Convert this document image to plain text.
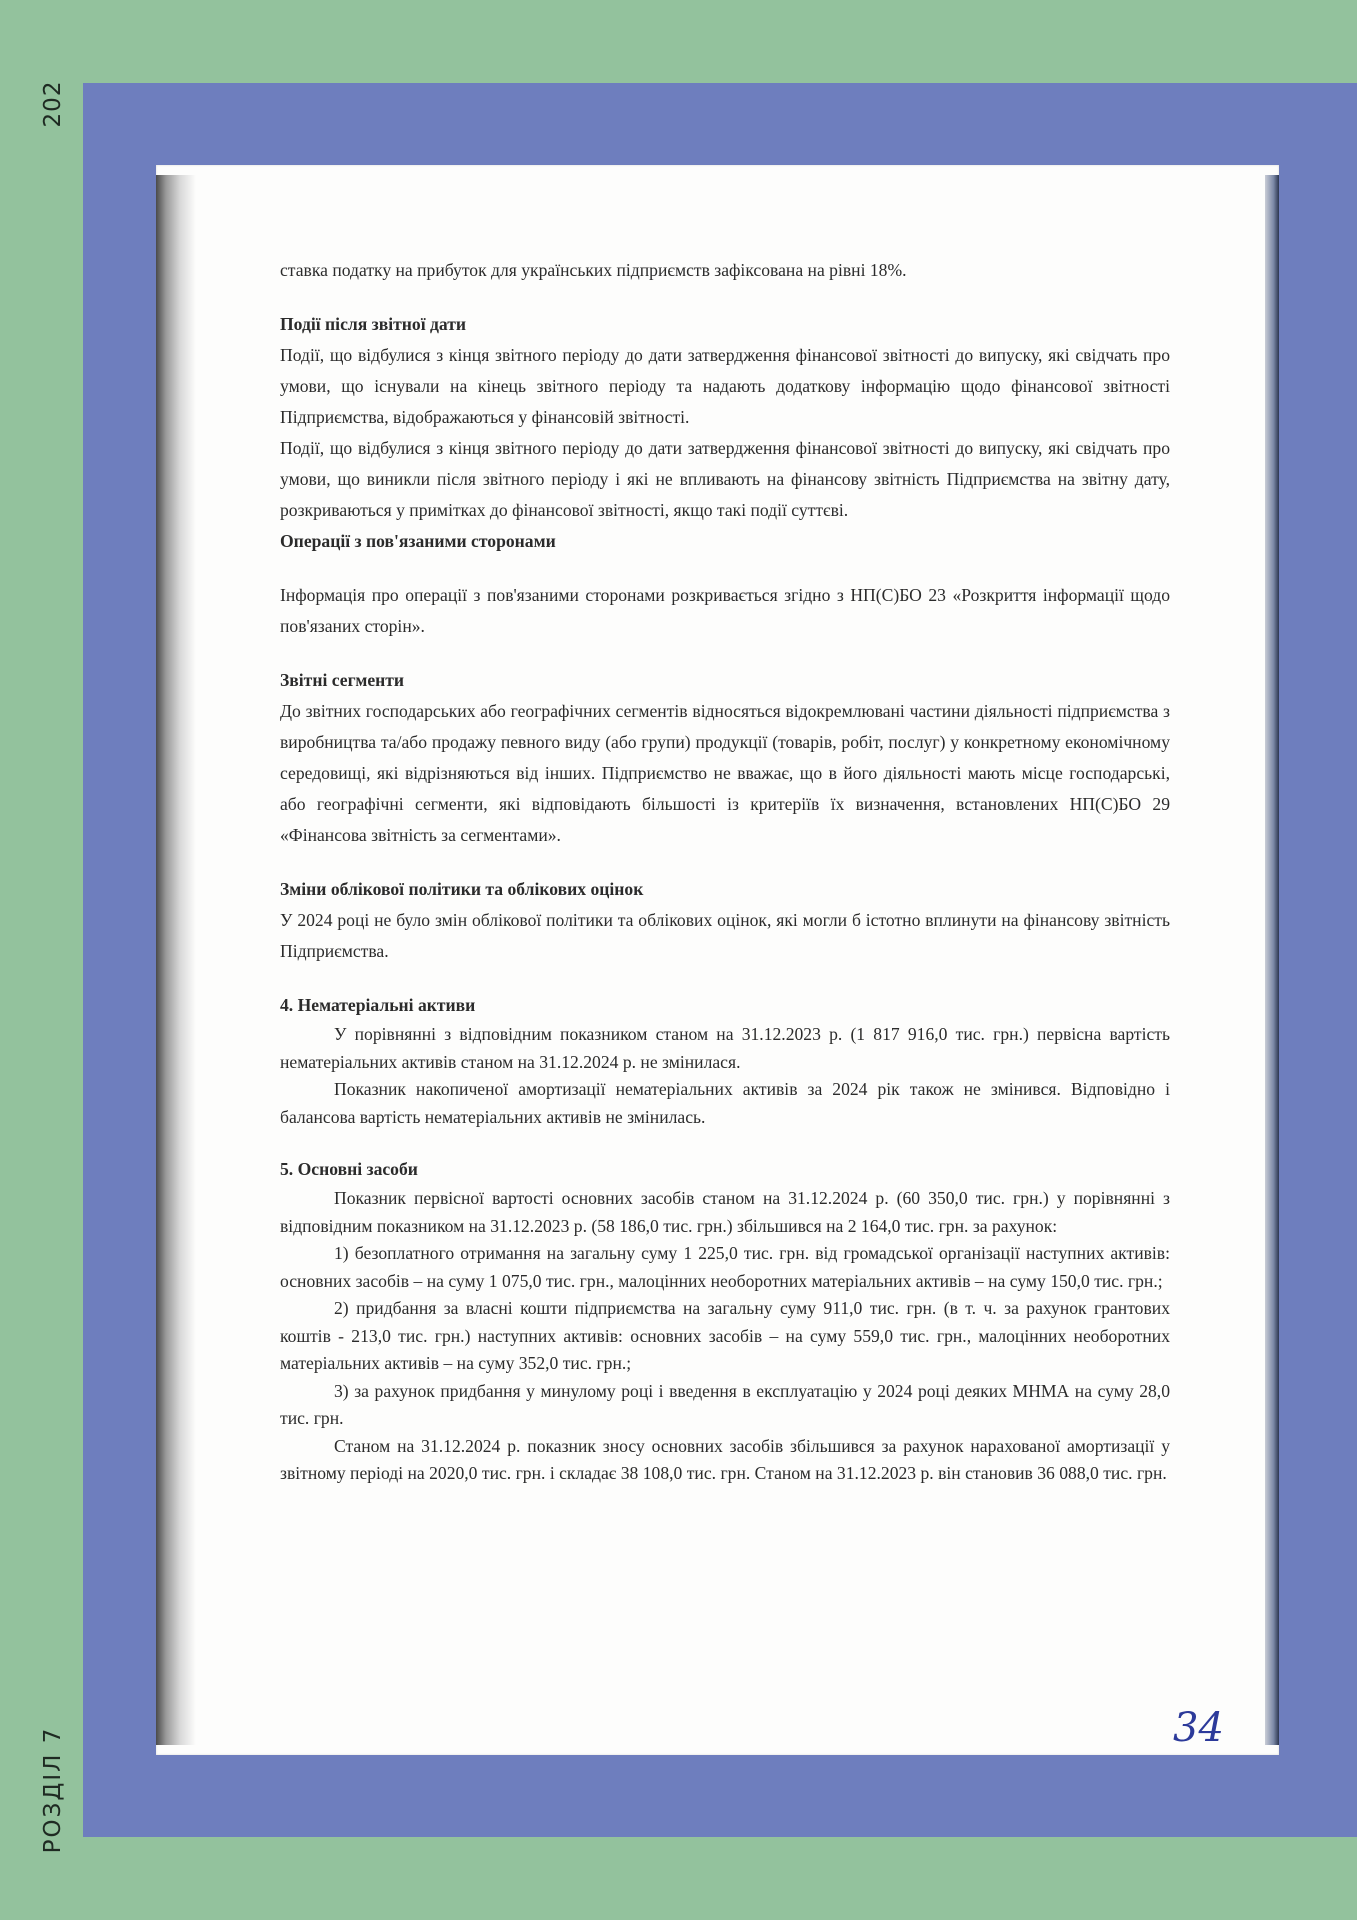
202
РОЗДІЛ 7

ставка податку на прибуток для українських підприємств зафіксована на рівні 18%.

Події після звітної дати

Події, що відбулися з кінця звітного періоду до дати затвердження фінансової звітності до випуску, які свідчать про умови, що існували на кінець звітного періоду та надають додаткову інформацію щодо фінансової звітності Підприємства, відображаються у фінансовій звітності.

Події, що відбулися з кінця звітного періоду до дати затвердження фінансової звітності до випуску, які свідчать про умови, що виникли після звітного періоду і які не впливають на фінансову звітність Підприємства на звітну дату, розкриваються у примітках до фінансової звітності, якщо такі події суттєві.

Операції з пов'язаними сторонами

Інформація про операції з пов'язаними сторонами розкривається згідно з НП(С)БО 23 «Розкриття інформації щодо пов'язаних сторін».

Звітні сегменти

До звітних господарських або географічних сегментів відносяться відокремлювані частини діяльності підприємства з виробництва та/або продажу певного виду (або групи) продукції (товарів, робіт, послуг) у конкретному економічному середовищі, які відрізняються від інших. Підприємство не вважає, що в його діяльності мають місце господарські, або географічні сегменти, які відповідають більшості із критеріїв їх визначення, встановлених НП(С)БО 29 «Фінансова звітність за сегментами».

Зміни облікової політики та облікових оцінок

У 2024 році не було змін облікової політики та облікових оцінок, які могли б істотно вплинути на фінансову звітність Підприємства.

4. Нематеріальні активи

У порівнянні з відповідним показником станом на 31.12.2023 р. (1 817 916,0 тис. грн.) первісна вартість нематеріальних активів станом на 31.12.2024 р. не змінилася.

Показник накопиченої амортизації нематеріальних активів за 2024 рік також не змінився. Відповідно і балансова вартість нематеріальних активів не змінилась.

5. Основні засоби

Показник первісної вартості основних засобів станом на 31.12.2024 р. (60 350,0 тис. грн.) у порівнянні з відповідним показником на 31.12.2023 р. (58 186,0 тис. грн.) збільшився на 2 164,0 тис. грн. за рахунок:

1) безоплатного отримання на загальну суму 1 225,0 тис. грн. від громадської організації наступних активів: основних засобів – на суму 1 075,0 тис. грн., малоцінних необоротних матеріальних активів – на суму 150,0 тис. грн.;

2) придбання за власні кошти підприємства на загальну суму 911,0 тис. грн. (в т. ч. за рахунок грантових коштів - 213,0 тис. грн.) наступних активів: основних засобів – на суму 559,0 тис. грн., малоцінних необоротних матеріальних активів – на суму 352,0 тис. грн.;

3) за рахунок придбання у минулому році і введення в експлуатацію у 2024 році деяких МНМА на суму 28,0 тис. грн.

Станом на 31.12.2024 р. показник зносу основних засобів збільшився за рахунок нарахованої амортизації у звітному періоді на 2020,0 тис. грн. і складає 38 108,0 тис. грн. Станом на 31.12.2023 р. він становив 36 088,0 тис. грн.

34
